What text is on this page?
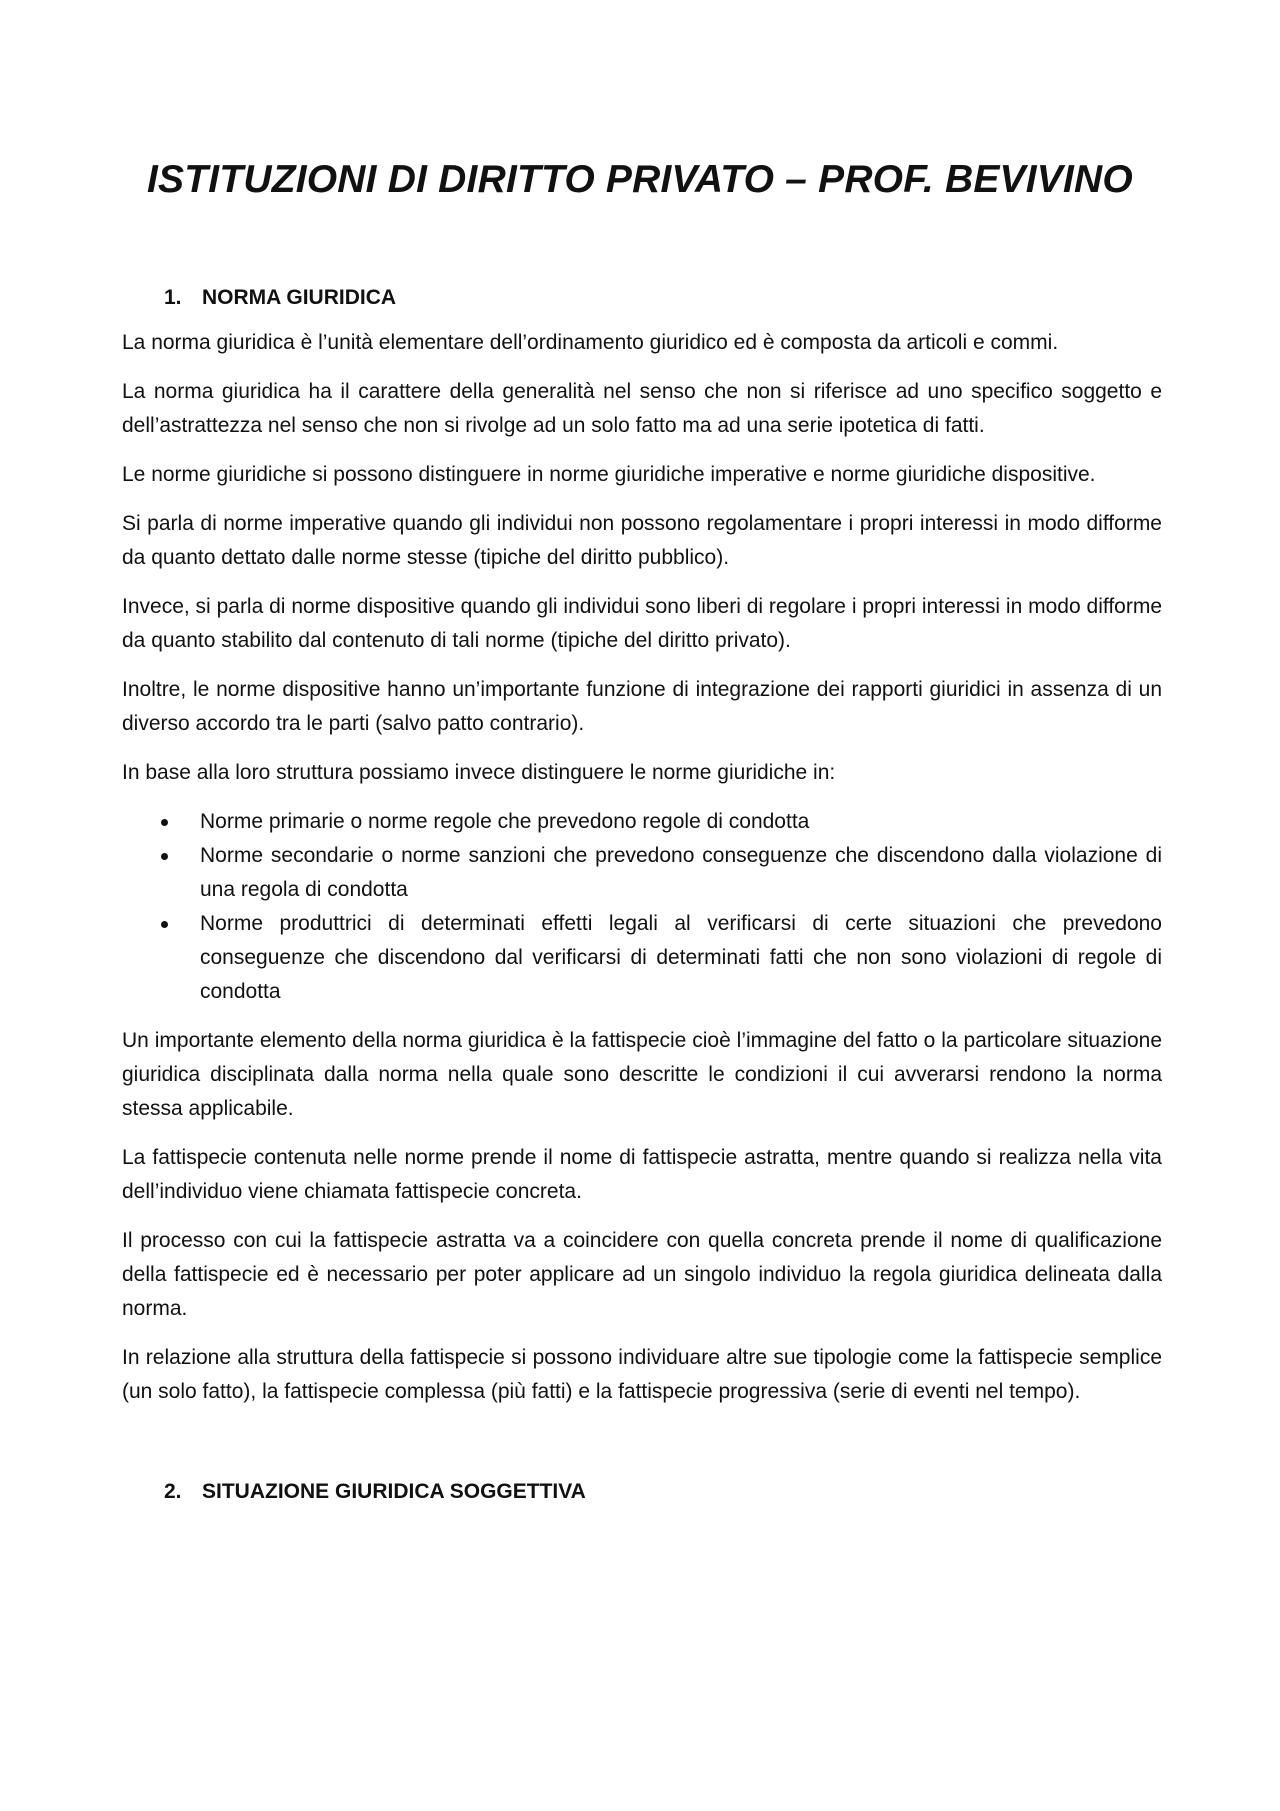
ISTITUZIONI DI DIRITTO PRIVATO – PROF. BEVIVINO
1. NORMA GIURIDICA

La norma giuridica è l’unità elementare dell’ordinamento giuridico ed è composta da articoli e commi.

La norma giuridica ha il carattere della generalità nel senso che non si riferisce ad uno specifico soggetto e dell’astrattezza nel senso che non si rivolge ad un solo fatto ma ad una serie ipotetica di fatti.

Le norme giuridiche si possono distinguere in norme giuridiche imperative e norme giuridiche dispositive.

Si parla di norme imperative quando gli individui non possono regolamentare i propri interessi in modo difforme da quanto dettato dalle norme stesse (tipiche del diritto pubblico).

Invece, si parla di norme dispositive quando gli individui sono liberi di regolare i propri interessi in modo difforme da quanto stabilito dal contenuto di tali norme (tipiche del diritto privato).

Inoltre, le norme dispositive hanno un’importante funzione di integrazione dei rapporti giuridici in assenza di un diverso accordo tra le parti (salvo patto contrario).

In base alla loro struttura possiamo invece distinguere le norme giuridiche in:

Norme primarie o norme regole che prevedono regole di condotta
Norme secondarie o norme sanzioni che prevedono conseguenze che discendono dalla violazione di una regola di condotta
Norme produttrici di determinati effetti legali al verificarsi di certe situazioni che prevedono conseguenze che discendono dal verificarsi di determinati fatti che non sono violazioni di regole di condotta

Un importante elemento della norma giuridica è la fattispecie cioè l’immagine del fatto o la particolare situazione giuridica disciplinata dalla norma nella quale sono descritte le condizioni il cui avverarsi rendono la norma stessa applicabile.

La fattispecie contenuta nelle norme prende il nome di fattispecie astratta, mentre quando si realizza nella vita dell’individuo viene chiamata fattispecie concreta.

Il processo con cui la fattispecie astratta va a coincidere con quella concreta prende il nome di qualificazione della fattispecie ed è necessario per poter applicare ad un singolo individuo la regola giuridica delineata dalla norma.

In relazione alla struttura della fattispecie si possono individuare altre sue tipologie come la fattispecie semplice (un solo fatto), la fattispecie complessa (più fatti) e la fattispecie progressiva (serie di eventi nel tempo).

2. SITUAZIONE GIURIDICA SOGGETTIVA
